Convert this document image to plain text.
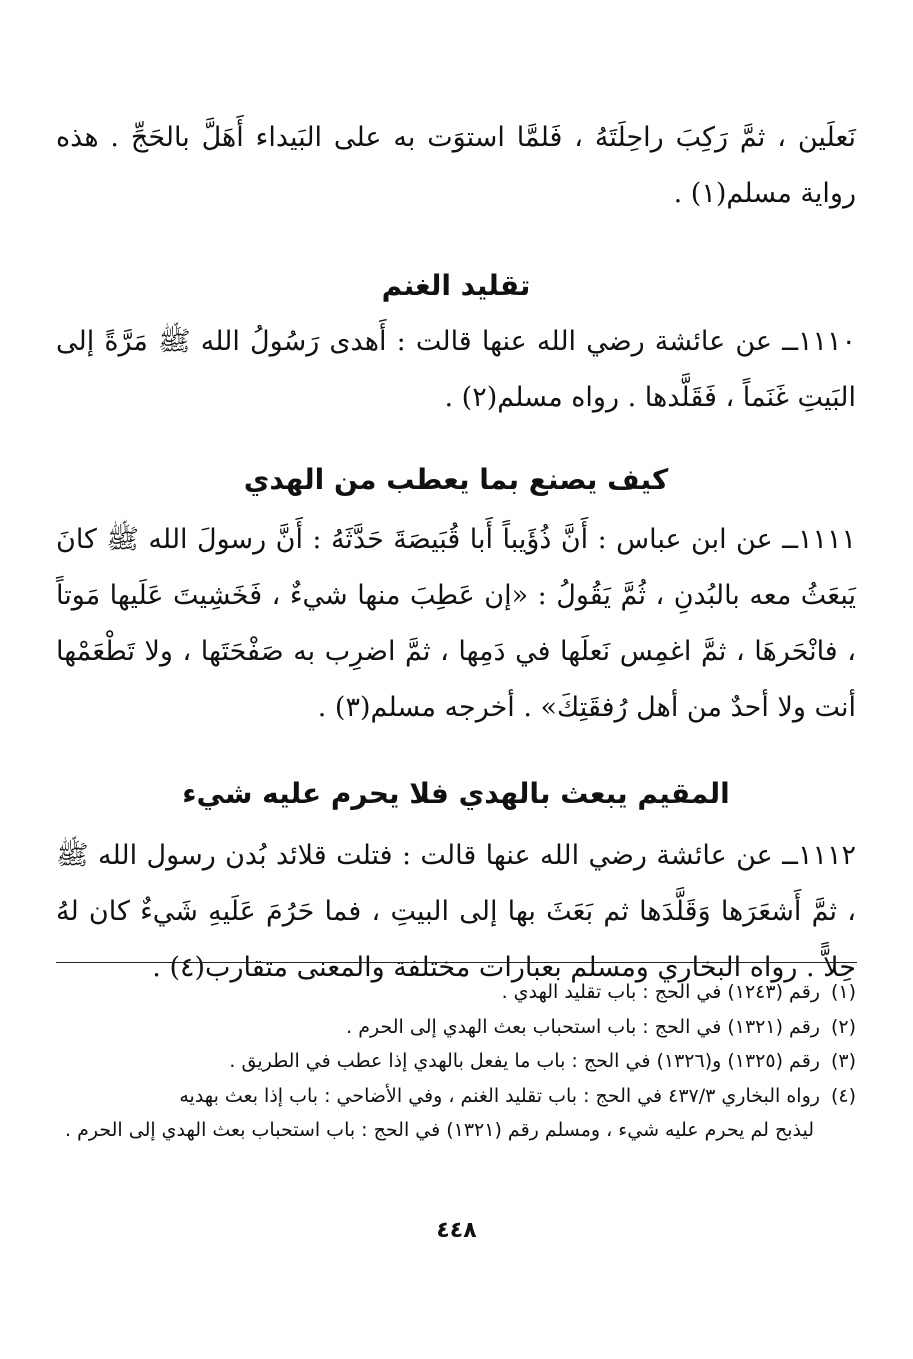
نَعلَين ، ثمَّ رَكِبَ راحِلَتَهُ ، فَلمَّا استوَت به على البَيداء أَهَلَّ بالحَجِّ . هذه رواية مسلم(١) .

تقليد الغنم

١١١٠ــ عن عائشة رضي الله عنها قالت : أَهدى رَسُولُ الله ﷺ مَرَّةً إلى البَيتِ غَنَماً ، فَقَلَّدها . رواه مسلم(٢) .

كيف يصنع بما يعطب من الهدي

١١١١ــ عن ابن عباس : أَنَّ ذُؤَيباً أَبا قُبَيصَةَ حَدَّثَهُ : أَنَّ رسولَ الله ﷺ كانَ يَبعَثُ معه بالبُدنِ ، ثُمَّ يَقُولُ : «إن عَطِبَ منها شيءٌ ، فَخَشِيتَ عَلَيها مَوتاً ، فانْحَرهَا ، ثمَّ اغمِس نَعلَها في دَمِها ، ثمَّ اضرِب به صَفْحَتَها ، ولا تَطْعَمْها أنت ولا أحدٌ من أهل رُفقَتِكَ» . أخرجه مسلم(٣) .

المقيم يبعث بالهدي فلا يحرم عليه شيء

١١١٢ــ عن عائشة رضي الله عنها قالت : فتلت قلائد بُدن رسول الله ﷺ ، ثمَّ أَشعَرَها وَقَلَّدَها ثم بَعَثَ بها إلى البيتِ ، فما حَرُمَ عَلَيهِ شَيءٌ كان لهُ حِلاًّ . رواه البخاري ومسلم بعبارات مختلفة والمعنى متقارب(٤) .

(١) رقم (١٢٤٣) في الحج : باب تقليد الهدي .

(٢) رقم (١٣٢١) في الحج : باب استحباب بعث الهدي إلى الحرم .

(٣) رقم (١٣٢٥) و(١٣٢٦) في الحج : باب ما يفعل بالهدي إذا عطب في الطريق .

(٤) رواه البخاري ٤٣٧/٣ في الحج : باب تقليد الغنم ، وفي الأضاحي : باب إذا بعث بهديه

ليذبح لم يحرم عليه شيء ، ومسلم رقم (١٣٢١) في الحج : باب استحباب بعث الهدي إلى الحرم .

٤٤٨
